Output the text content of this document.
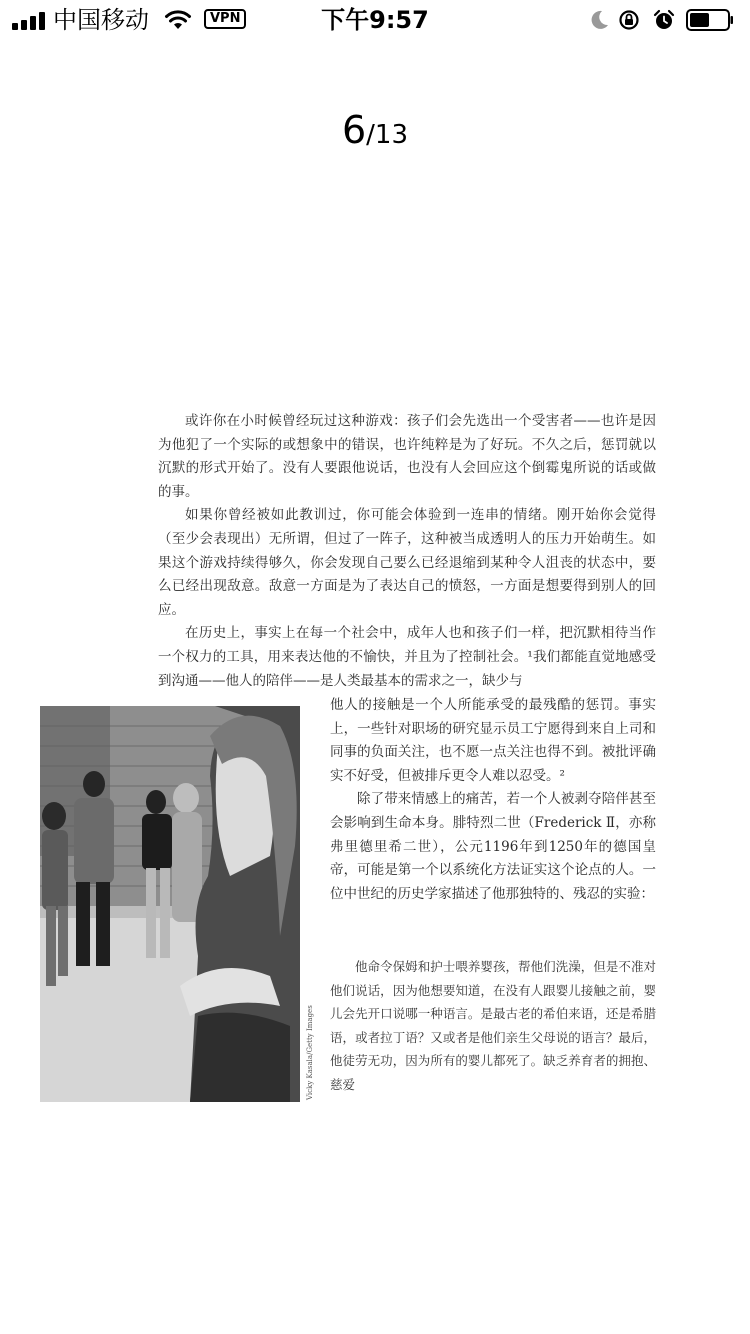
中国移动	VPN	下午9:57
6/13

或许你在小时候曾经玩过这种游戏：孩子们会先选出一个受害者——也许是因为他犯了一个实际的或想象中的错误，也许纯粹是为了好玩。不久之后，惩罚就以沉默的形式开始了。没有人要跟他说话，也没有人会回应这个倒霉鬼所说的话或做的事。

如果你曾经被如此教训过，你可能会体验到一连串的情绪。刚开始你会觉得（至少会表现出）无所谓，但过了一阵子，这种被当成透明人的压力开始萌生。如果这个游戏持续得够久，你会发现自己要么已经退缩到某种令人沮丧的状态中，要么已经出现敌意。敌意一方面是为了表达自己的愤怒，一方面是想要得到别人的回应。

在历史上，事实上在每一个社会中，成年人也和孩子们一样，把沉默相待当作一个权力的工具，用来表达他的不愉快，并且为了控制社会。¹我们都能直觉地感受到沟通——他人的陪伴——是人类最基本的需求之一，缺少与

他人的接触是一个人所能承受的最残酷的惩罚。事实上，一些针对职场的研究显示员工宁愿得到来自上司和同事的负面关注，也不愿一点关注也得不到。被批评确实不好受，但被排斥更令人难以忍受。²

除了带来情感上的痛苦，若一个人被剥夺陪伴甚至会影响到生命本身。腓特烈二世（Frederick Ⅱ，亦称弗里德里希二世），公元1196年到1250年的德国皇帝，可能是第一个以系统化方法证实这个论点的人。一位中世纪的历史学家描述了他那独特的、残忍的实验：

他命令保姆和护士喂养婴孩，帮他们洗澡，但是不准对他们说话，因为他想要知道，在没有人跟婴儿接触之前，婴儿会先开口说哪一种语言。是最古老的希伯来语，还是希腊语，或者拉丁语？又或者是他们亲生父母说的语言？最后，他徒劳无功，因为所有的婴儿都死了。缺乏养育者的拥抱、慈爱

Vicky Kasala/Getty Images
